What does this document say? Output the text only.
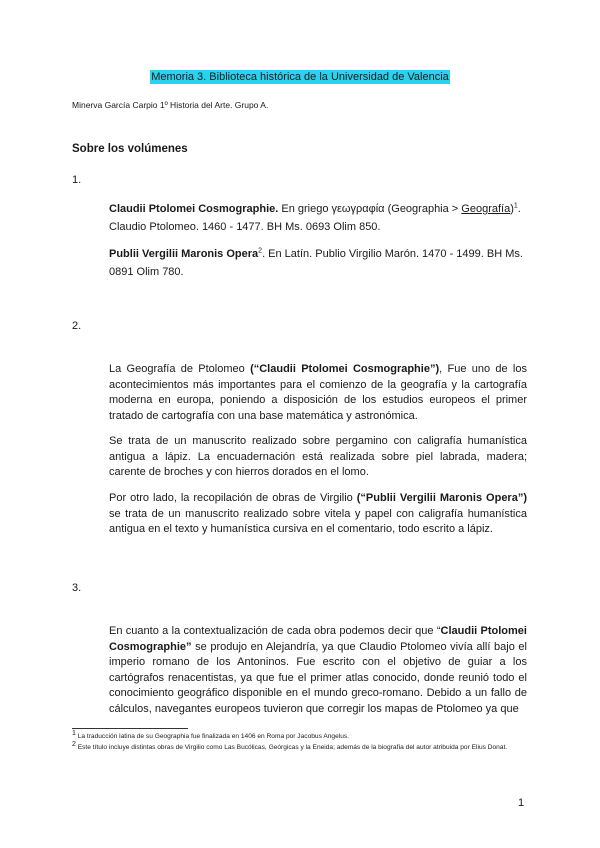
Memoria 3. Biblioteca histórica de la Universidad de Valencia
Minerva García Carpio 1º Historia del Arte. Grupo A.
Sobre los volúmenes
1.
Claudii Ptolomei Cosmographie. En griego γεωγραφία (Geographia > Geografía)$^1$. Claudio Ptolomeo. 1460 - 1477. BH Ms. 0693 Olim 850.
Publii Vergilii Maronis Opera$^2$. En Latín. Publio Virgilio Marón. 1470 - 1499. BH Ms. 0891 Olim 780.
2.
La Geografía de Ptolomeo (“Claudii Ptolomei Cosmographie”), Fue uno de los acontecimientos más importantes para el comienzo de la geografía y la cartografía moderna en europa, poniendo a disposición de los estudios europeos el primer tratado de cartografía con una base matemática y astronómica.
Se trata de un manuscrito realizado sobre pergamino con caligrafía humanística antigua a lápiz. La encuadernación está realizada sobre piel labrada, madera; carente de broches y con hierros dorados en el lomo.
Por otro lado, la recopilación de obras de Virgilio (“Publii Vergilii Maronis Opera”) se trata de un manuscrito realizado sobre vitela y papel con caligrafía humanística antigua en el texto y humanística cursiva en el comentario, todo escrito a lápiz.
3.
En cuanto a la contextualización de cada obra podemos decir que “Claudii Ptolomei Cosmographie” se produjo en Alejandría, ya que Claudio Ptolomeo vivía allí bajo el imperio romano de los Antoninos. Fue escrito con el objetivo de guiar a los cartógrafos renacentistas, ya que fue el primer atlas conocido, donde reunió todo el conocimiento geográfico disponible en el mundo greco-romano. Debido a un fallo de cálculos, navegantes europeos tuvieron que corregir los mapas de Ptolomeo ya que
$^1$ La traducción latina de su Geographia fue finalizada en 1406 en Roma por Jacobus Angelus.
$^2$ Este título incluye distintas obras de Virgilio como Las Bucólicas, Geórgicas y la Eneida; además de la biografía del autor atribuida por Elius Donat.
1
